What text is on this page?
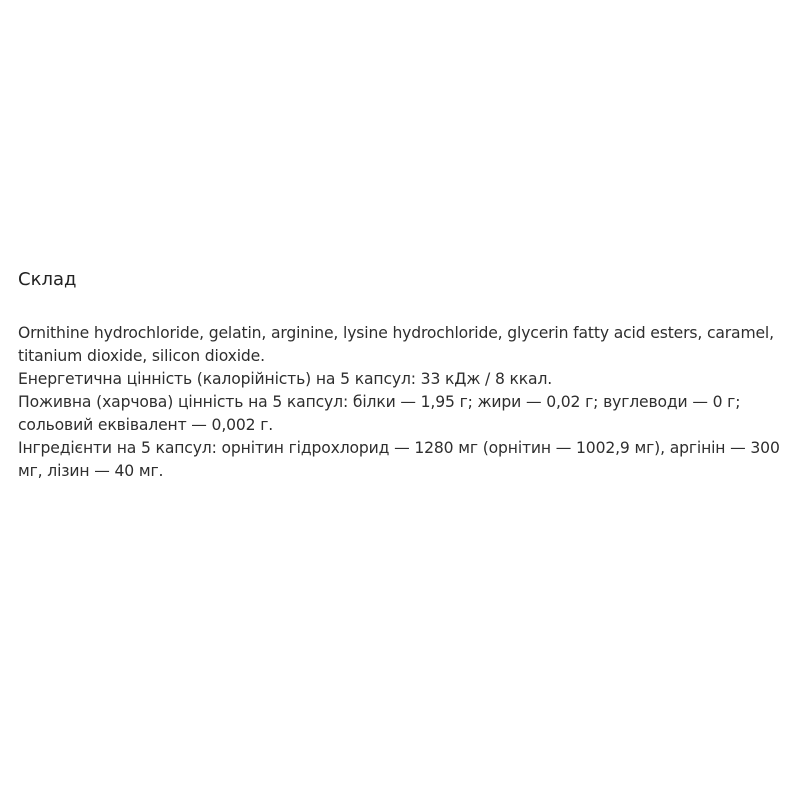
Склад

Ornithine hydrochloride, gelatin, arginine, lysine hydrochloride, glycerin fatty acid esters, caramel, titanium dioxide, silicon dioxide.

Енергетична цінність (калорійність) на 5 капсул: 33 кДж / 8 ккал.

Поживна (харчова) цінність на 5 капсул: білки — 1,95 г; жири — 0,02 г; вуглеводи — 0 г; сольовий еквівалент — 0,002 г.

Інгредієнти на 5 капсул: орнітин гідрохлорид — 1280 мг (орнітин — 1002,9 мг), аргінін — 300 мг, лізин — 40 мг.
